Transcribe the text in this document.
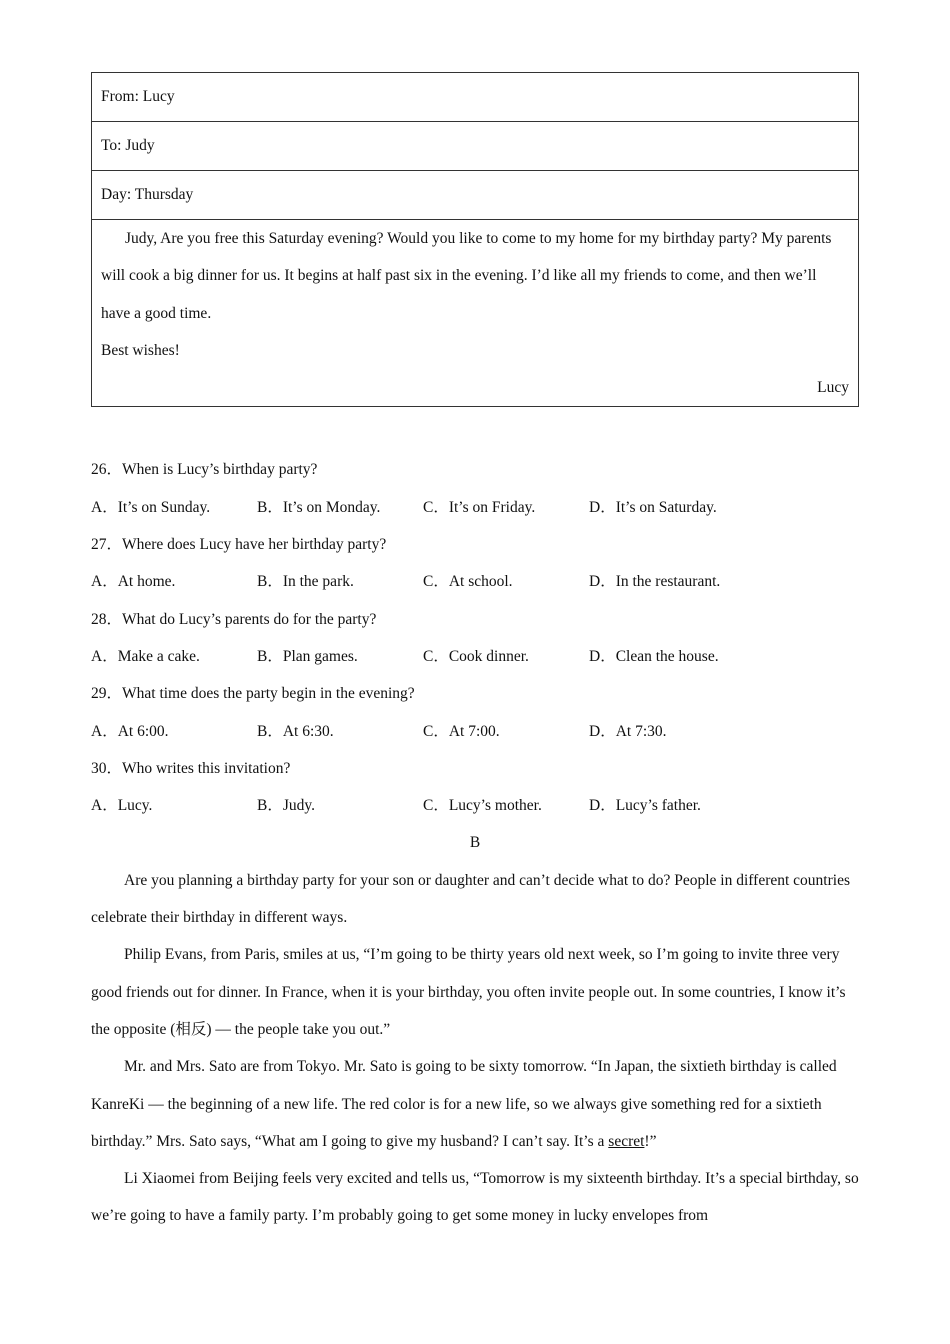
From: Lucy
To: Judy
Day: Thursday

Judy, Are you free this Saturday evening? Would you like to come to my home for my birthday party? My parents will cook a big dinner for us. It begins at half past six in the evening. I’d like all my friends to come, and then we’ll have a good time.
Best wishes!
Lucy
26．When is Lucy’s birthday party?
A．It’s on Sunday.	B．It’s on Monday.	C．It’s on Friday.	D．It’s on Saturday.
27．Where does Lucy have her birthday party?
A．At home.	B．In the park.	C．At school.	D．In the restaurant.
28．What do Lucy’s parents do for the party?
A．Make a cake.	B．Plan games.	C．Cook dinner.	D．Clean the house.
29．What time does the party begin in the evening?
A．At 6:00.	B．At 6:30.	C．At 7:00.	D．At 7:30.
30．Who writes this invitation?
A．Lucy.	B．Judy.	C．Lucy’s mother.	D．Lucy’s father.
B

Are you planning a birthday party for your son or daughter and can’t decide what to do? People in different countries celebrate their birthday in different ways.

Philip Evans, from Paris, smiles at us, “I’m going to be thirty years old next week, so I’m going to invite three very good friends out for dinner. In France, when it is your birthday, you often invite people out. In some countries, I know it’s the opposite (相反) — the people take you out.”

Mr. and Mrs. Sato are from Tokyo. Mr. Sato is going to be sixty tomorrow. “In Japan, the sixtieth birthday is called KanreKi — the beginning of a new life. The red color is for a new life, so we always give something red for a sixtieth birthday.” Mrs. Sato says, “What am I going to give my husband? I can’t say. It’s a secret!”

Li Xiaomei from Beijing feels very excited and tells us, “Tomorrow is my sixteenth birthday. It’s a special birthday, so we’re going to have a family party. I’m probably going to get some money in lucky envelopes from
